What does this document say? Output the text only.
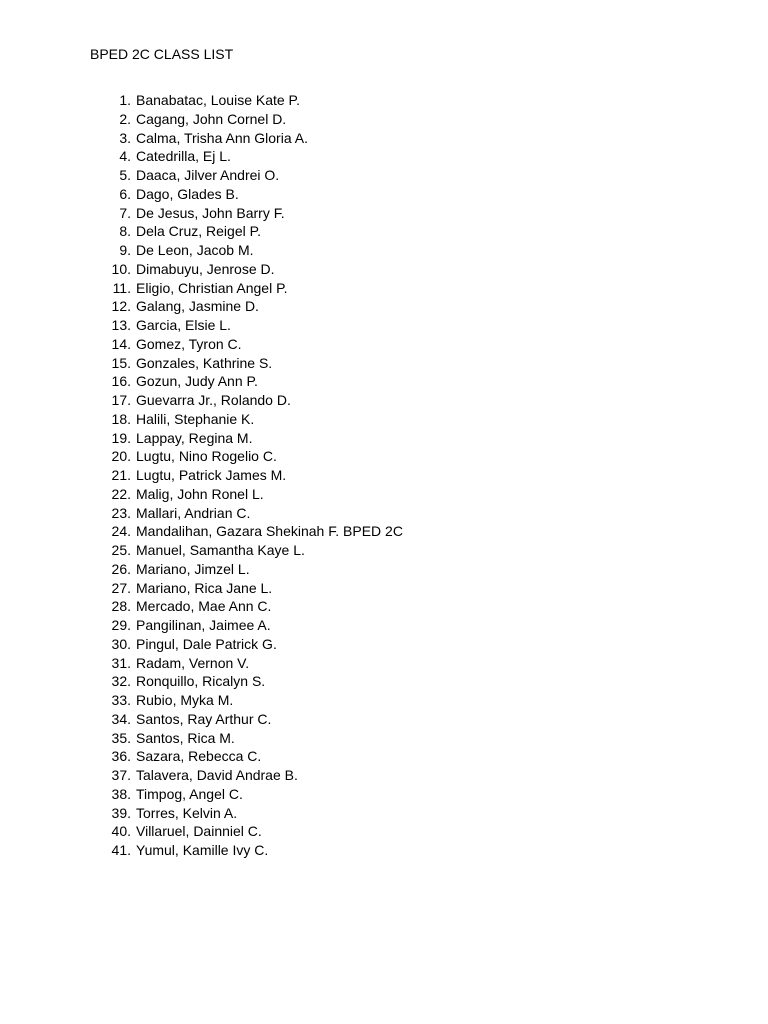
BPED 2C CLASS LIST
1. Banabatac, Louise Kate P.
2. Cagang, John Cornel D.
3. Calma, Trisha Ann Gloria A.
4. Catedrilla, Ej L.
5. Daaca, Jilver Andrei O.
6. Dago, Glades B.
7. De Jesus, John Barry F.
8. Dela Cruz, Reigel P.
9. De Leon, Jacob M.
10. Dimabuyu, Jenrose D.
11. Eligio, Christian Angel P.
12. Galang, Jasmine D.
13. Garcia, Elsie L.
14. Gomez, Tyron C.
15. Gonzales, Kathrine S.
16. Gozun, Judy Ann P.
17. Guevarra Jr., Rolando D.
18. Halili, Stephanie K.
19. Lappay, Regina M.
20. Lugtu, Nino Rogelio C.
21. Lugtu, Patrick James M.
22. Malig, John Ronel L.
23. Mallari, Andrian C.
24. Mandalihan, Gazara Shekinah F. BPED 2C
25. Manuel, Samantha Kaye L.
26. Mariano, Jimzel L.
27. Mariano, Rica Jane L.
28. Mercado, Mae Ann C.
29. Pangilinan, Jaimee A.
30. Pingul, Dale Patrick G.
31. Radam, Vernon V.
32. Ronquillo, Ricalyn S.
33. Rubio, Myka M.
34. Santos, Ray Arthur C.
35. Santos, Rica M.
36. Sazara, Rebecca C.
37. Talavera, David Andrae B.
38. Timpog, Angel C.
39. Torres, Kelvin A.
40. Villaruel, Dainniel C.
41. Yumul, Kamille Ivy C.
